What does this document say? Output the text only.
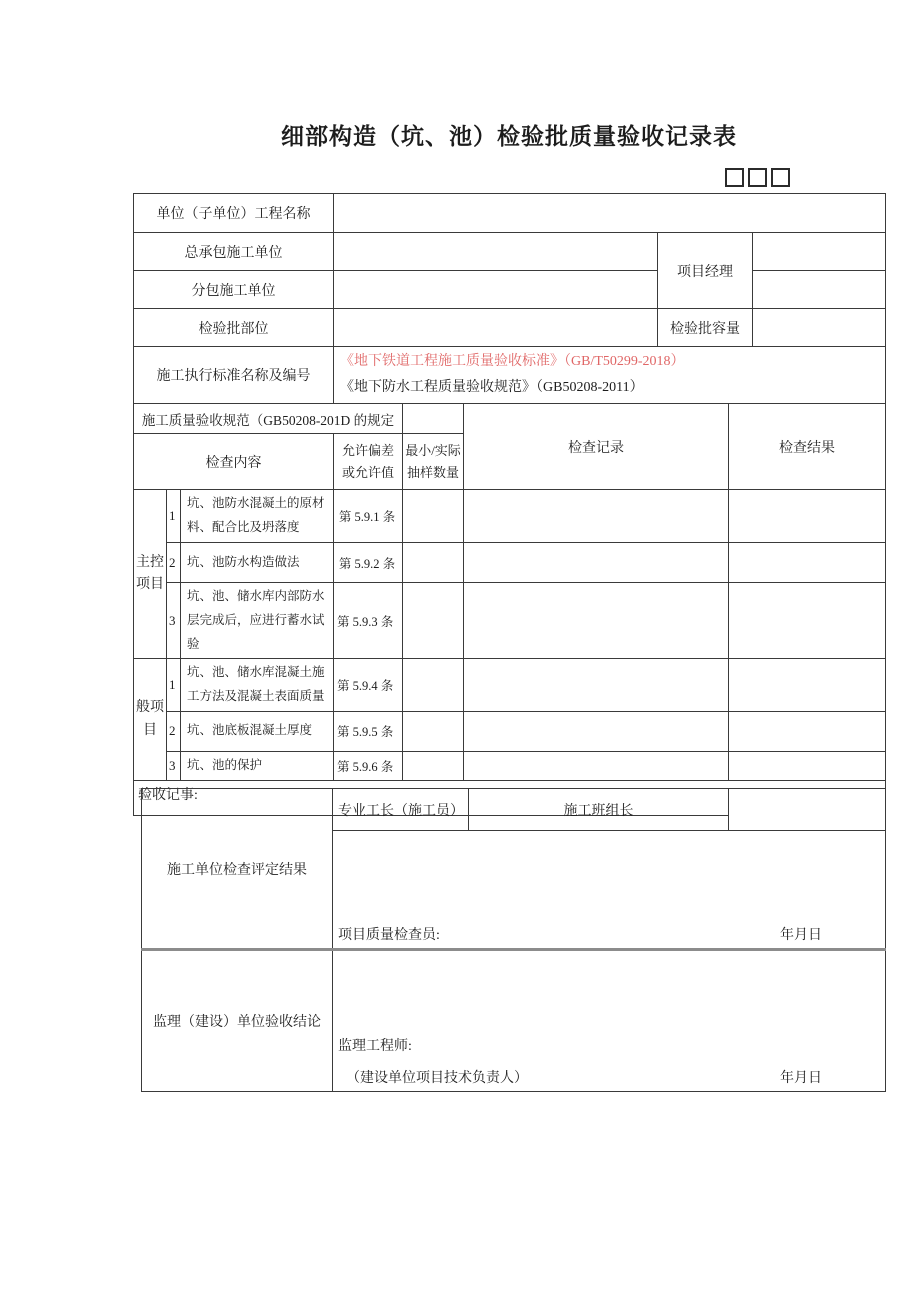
细部构造（坑、池）检验批质量验收记录表
单位（子单位）工程名称								
总承包施工单位						项目经理		
分包施工单位								
检验批部位						检验批容量		
施工执行标准名称及编号			《地下铁道工程施工质量验收标准》（GB/T50299-2018）
《地下防水工程质量验收规范》（GB50208-2011）					

施工质量验收规范（GB50208-201D 的规定					检查记录		检查结果	
检查内容			允许偏差或允许值	最小/实际抽样数量				
主控项目	1	坑、池防水混凝土的原材料、配合比及坍落度	第 5.9.1 条					
	2	坑、池防水构造做法	第 5.9.2 条					
	3	坑、池、储水库内部防水层完成后，应进行蓄水试验	第 5.9.3 条					
般项目	1	坑、池、储水库混凝土施工方法及混凝土表面质量	第 5.9.4 条					
	2	坑、池底板混凝土厚度	第 5.9.5 条					
	3	坑、池的保护	第 5.9.6 条					
验收记事:								
施工单位检查评定结果	专业工长（施工员）	施工班组长	

项目质量检查员:	年月日
监理（建设）单位验收结论	
监理工程师:
（建设单位项目技术负责人）	年月日
